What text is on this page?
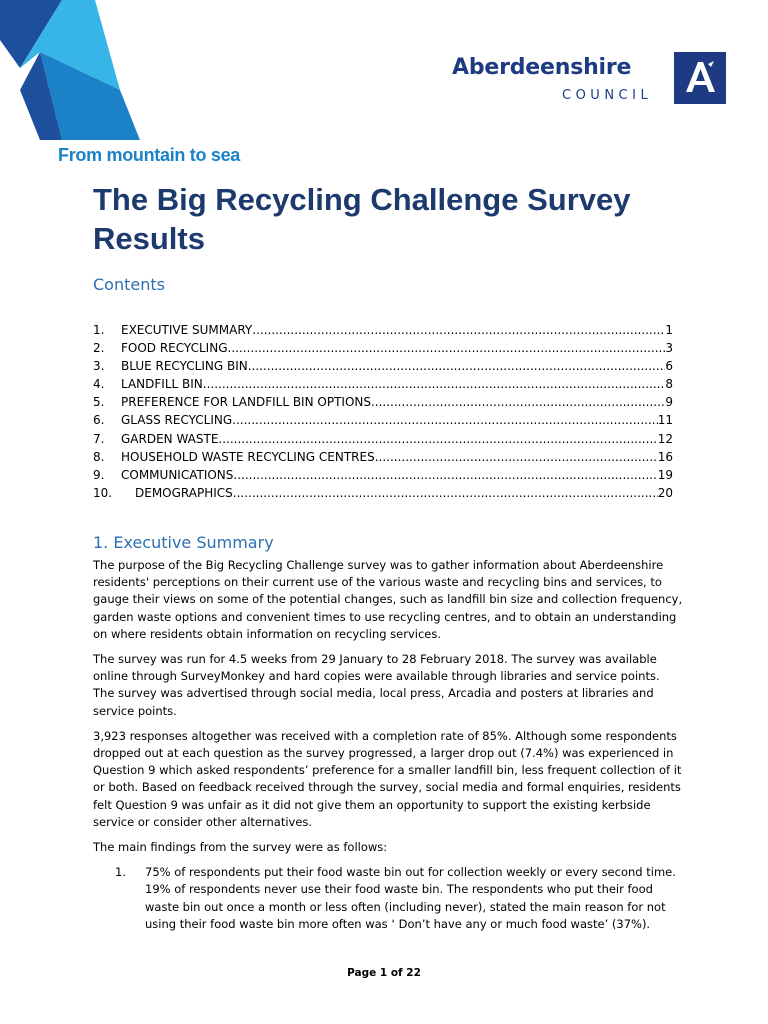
Aberdeenshire
COUNCIL
From mountain to sea
The Big Recycling Challenge Survey Results
Contents
1.	EXECUTIVE SUMMARY .....	1
2.	FOOD RECYCLING .....	3
3.	BLUE RECYCLING BIN .....	6
4.	LANDFILL BIN .....	8
5.	PREFERENCE FOR LANDFILL BIN OPTIONS .....	9
6.	GLASS RECYCLING .....	11
7.	GARDEN WASTE .....	12
8.	HOUSEHOLD WASTE RECYCLING CENTRES .....	16
9.	COMMUNICATIONS .....	19
10.	DEMOGRAPHICS .....	20
1. Executive Summary

The purpose of the Big Recycling Challenge survey was to gather information about Aberdeenshire residents' perceptions on their current use of the various waste and recycling bins and services, to gauge their views on some of the potential changes, such as landfill bin size and collection frequency, garden waste options and convenient times to use recycling centres, and to obtain an understanding on where residents obtain information on recycling services.

The survey was run for 4.5 weeks from 29 January to 28 February 2018. The survey was available online through SurveyMonkey and hard copies were available through libraries and service points. The survey was advertised through social media, local press, Arcadia and posters at libraries and service points.

3,923 responses altogether was received with a completion rate of 85%. Although some respondents dropped out at each question as the survey progressed, a larger drop out (7.4%) was experienced in Question 9 which asked respondents’ preference for a smaller landfill bin, less frequent collection of it or both. Based on feedback received through the survey, social media and formal enquiries, residents felt Question 9 was unfair as it did not give them an opportunity to support the existing kerbside service or consider other alternatives.

The main findings from the survey were as follows:

1.	75% of respondents put their food waste bin out for collection weekly or every second time. 19% of respondents never use their food waste bin. The respondents who put their food waste bin out once a month or less often (including never), stated the main reason for not using their food waste bin more often was ‘ Don’t have any or much food waste’ (37%).
Page 1 of 22
